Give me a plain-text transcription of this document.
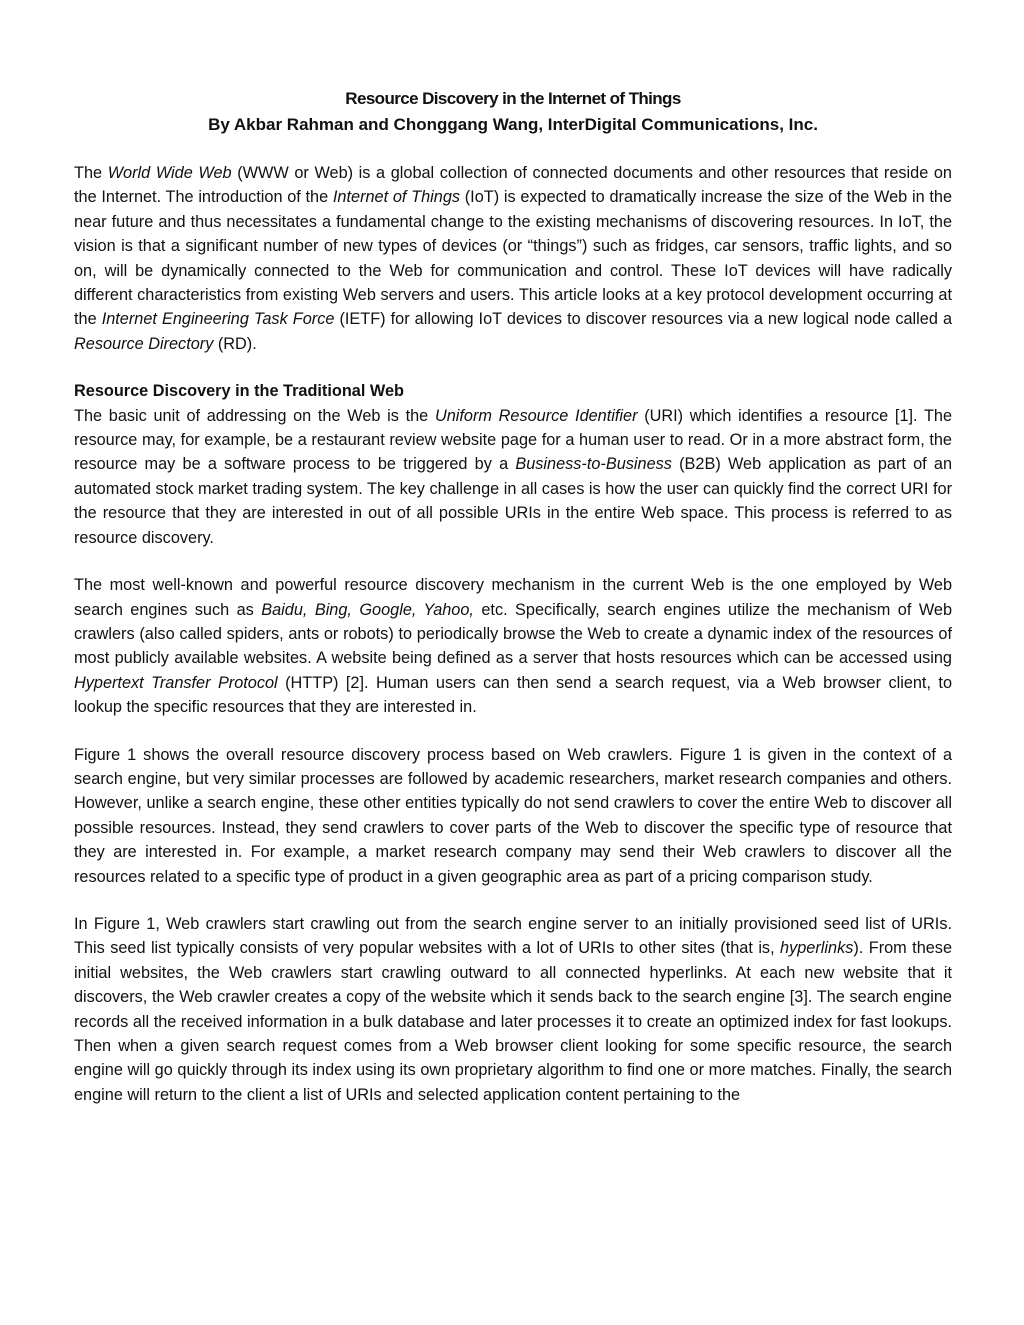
Resource Discovery in the Internet of Things
By Akbar Rahman and Chonggang Wang, InterDigital Communications, Inc.

The World Wide Web (WWW or Web) is a global collection of connected documents and other resources that reside on the Internet. The introduction of the Internet of Things (IoT) is expected to dramatically increase the size of the Web in the near future and thus necessitates a fundamental change to the existing mechanisms of discovering resources. In IoT, the vision is that a significant number of new types of devices (or “things”) such as fridges, car sensors, traffic lights, and so on, will be dynamically connected to the Web for communication and control. These IoT devices will have radically different characteristics from existing Web servers and users. This article looks at a key protocol development occurring at the Internet Engineering Task Force (IETF) for allowing IoT devices to discover resources via a new logical node called a Resource Directory (RD).

Resource Discovery in the Traditional Web

The basic unit of addressing on the Web is the Uniform Resource Identifier (URI) which identifies a resource [1]. The resource may, for example, be a restaurant review website page for a human user to read. Or in a more abstract form, the resource may be a software process to be triggered by a Business-to-Business (B2B) Web application as part of an automated stock market trading system. The key challenge in all cases is how the user can quickly find the correct URI for the resource that they are interested in out of all possible URIs in the entire Web space. This process is referred to as resource discovery.

The most well-known and powerful resource discovery mechanism in the current Web is the one employed by Web search engines such as Baidu, Bing, Google, Yahoo, etc. Specifically, search engines utilize the mechanism of Web crawlers (also called spiders, ants or robots) to periodically browse the Web to create a dynamic index of the resources of most publicly available websites. A website being defined as a server that hosts resources which can be accessed using Hypertext Transfer Protocol (HTTP) [2]. Human users can then send a search request, via a Web browser client, to lookup the specific resources that they are interested in.

Figure 1 shows the overall resource discovery process based on Web crawlers. Figure 1 is given in the context of a search engine, but very similar processes are followed by academic researchers, market research companies and others. However, unlike a search engine, these other entities typically do not send crawlers to cover the entire Web to discover all possible resources. Instead, they send crawlers to cover parts of the Web to discover the specific type of resource that they are interested in. For example, a market research company may send their Web crawlers to discover all the resources related to a specific type of product in a given geographic area as part of a pricing comparison study.

In Figure 1, Web crawlers start crawling out from the search engine server to an initially provisioned seed list of URIs. This seed list typically consists of very popular websites with a lot of URIs to other sites (that is, hyperlinks). From these initial websites, the Web crawlers start crawling outward to all connected hyperlinks. At each new website that it discovers, the Web crawler creates a copy of the website which it sends back to the search engine [3]. The search engine records all the received information in a bulk database and later processes it to create an optimized index for fast lookups. Then when a given search request comes from a Web browser client looking for some specific resource, the search engine will go quickly through its index using its own proprietary algorithm to find one or more matches. Finally, the search engine will return to the client a list of URIs and selected application content pertaining to the
